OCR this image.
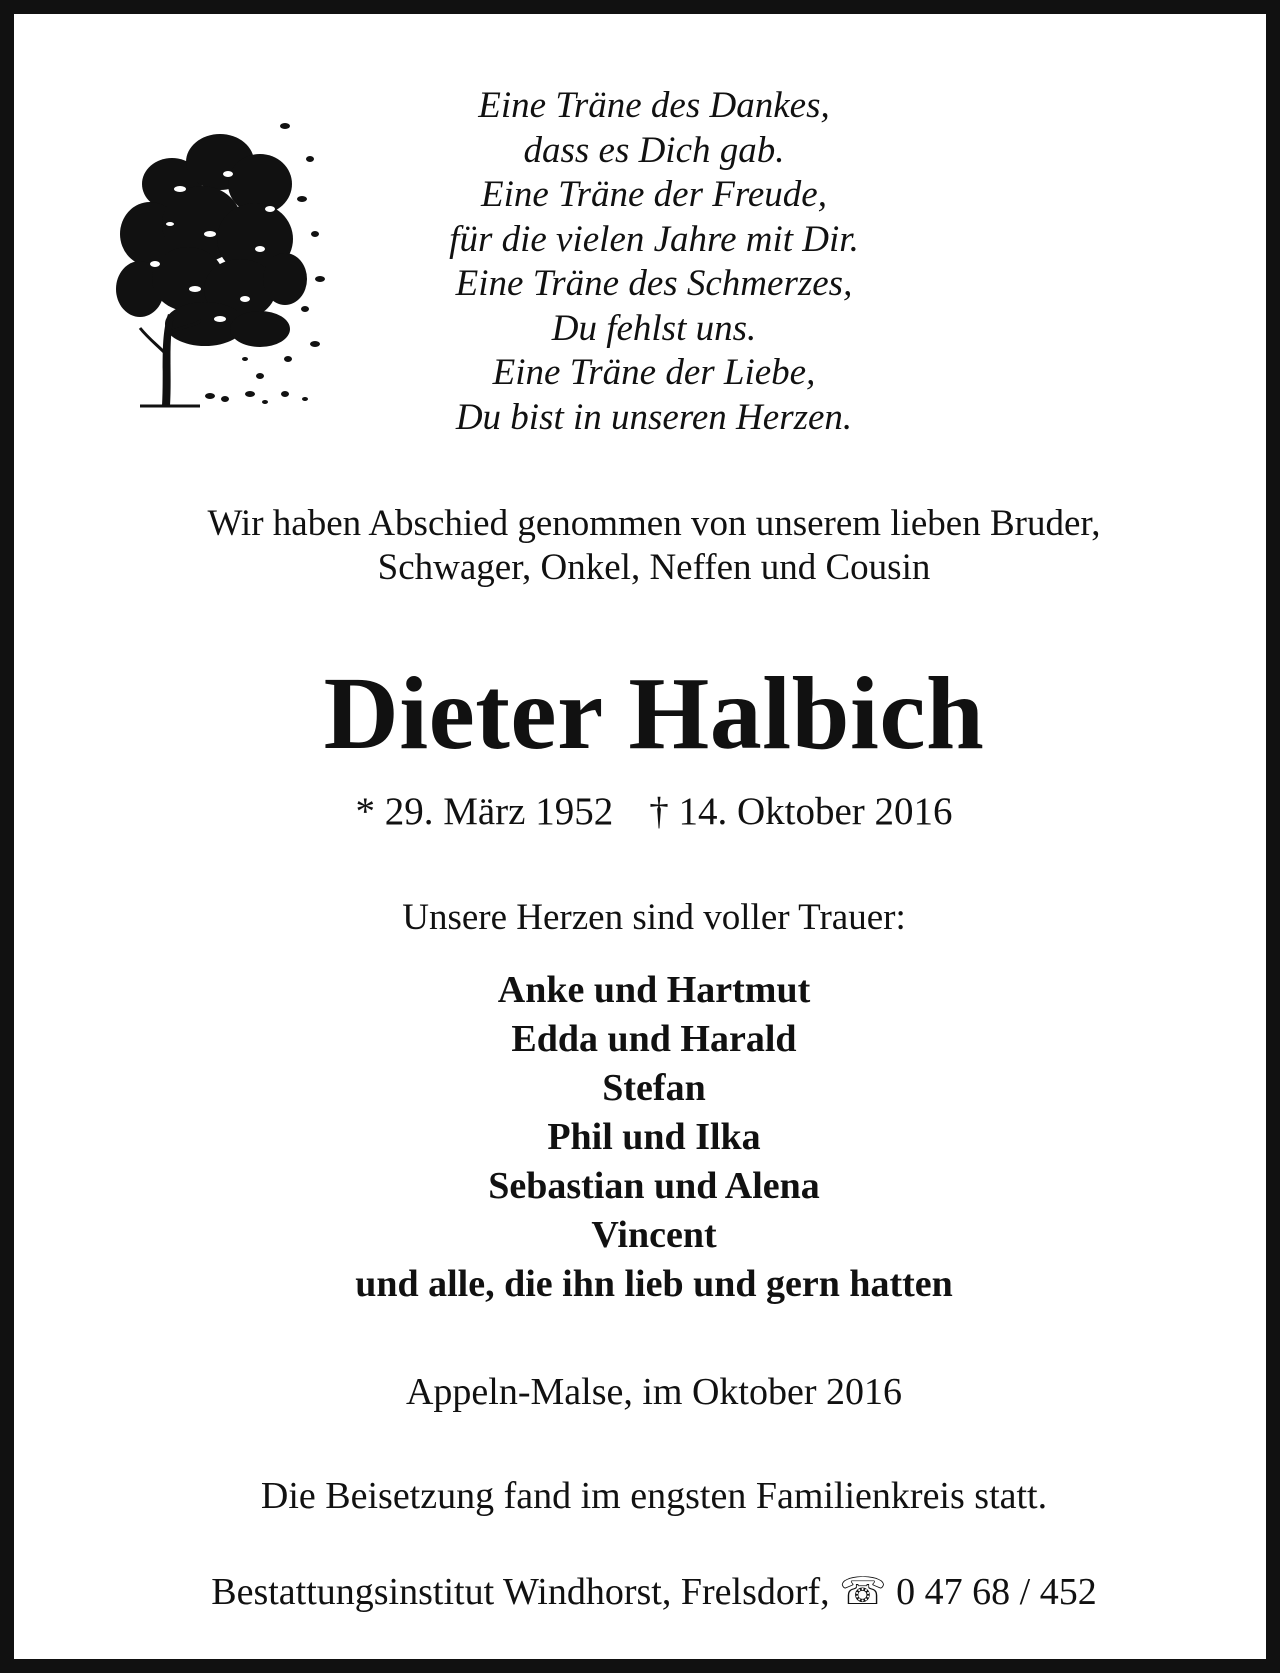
Eine Träne des Dankes,
dass es Dich gab.
Eine Träne der Freude,
für die vielen Jahre mit Dir.
Eine Träne des Schmerzes,
Du fehlst uns.
Eine Träne der Liebe,
Du bist in unseren Herzen.
Wir haben Abschied genommen von unserem lieben Bruder,
Schwager, Onkel, Neffen und Cousin
Dieter Halbich
* 29. März 1952 † 14. Oktober 2016
Unsere Herzen sind voller Trauer:
Anke und Hartmut
Edda und Harald
Stefan
Phil und Ilka
Sebastian und Alena
Vincent
und alle, die ihn lieb und gern hatten
Appeln-Malse, im Oktober 2016
Die Beisetzung fand im engsten Familienkreis statt.
Bestattungsinstitut Windhorst, Frelsdorf, ☏ 0 47 68 / 452
